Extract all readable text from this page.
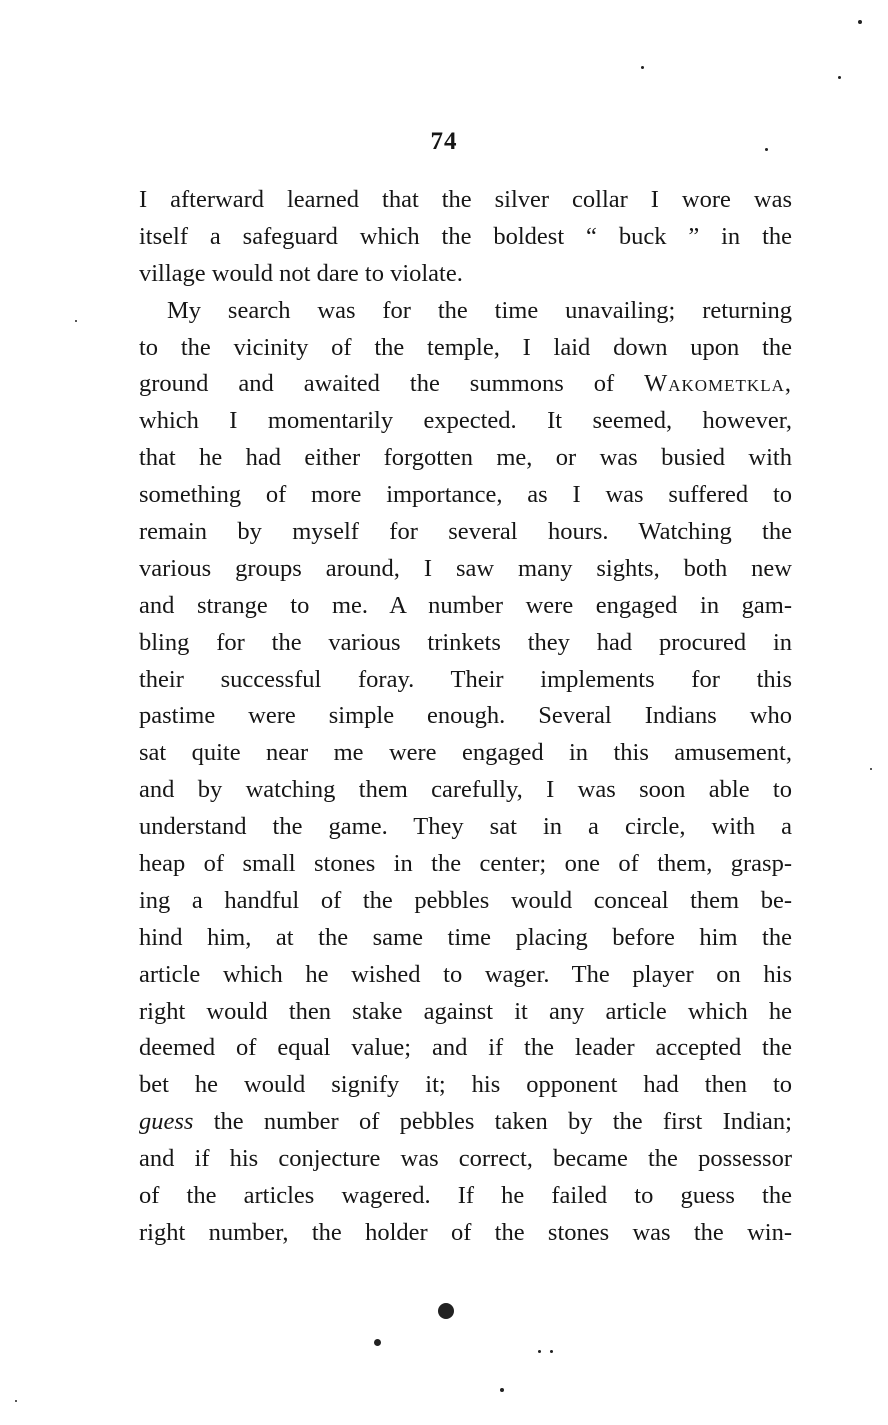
74
I afterward learned that the silver collar I wore was
itself a safeguard which the boldest “ buck ” in the
village would not dare to violate.
My search was for the time unavailing; returning
to the vicinity of the temple, I laid down upon the
ground and awaited the summons of Wakometkla,
which I momentarily expected. It seemed, however,
that he had either forgotten me, or was busied with
something of more importance, as I was suffered to
remain by myself for several hours. Watching the
various groups around, I saw many sights, both new
and strange to me. A number were engaged in gam-
bling for the various trinkets they had procured in
their successful foray. Their implements for this
pastime were simple enough. Several Indians who
sat quite near me were engaged in this amusement,
and by watching them carefully, I was soon able to
understand the game. They sat in a circle, with a
heap of small stones in the center; one of them, grasp-
ing a handful of the pebbles would conceal them be-
hind him, at the same time placing before him the
article which he wished to wager. The player on his
right would then stake against it any article which he
deemed of equal value; and if the leader accepted the
bet he would signify it; his opponent had then to
guess the number of pebbles taken by the first Indian;
and if his conjecture was correct, became the possessor
of the articles wagered. If he failed to guess the
right number, the holder of the stones was the win-
